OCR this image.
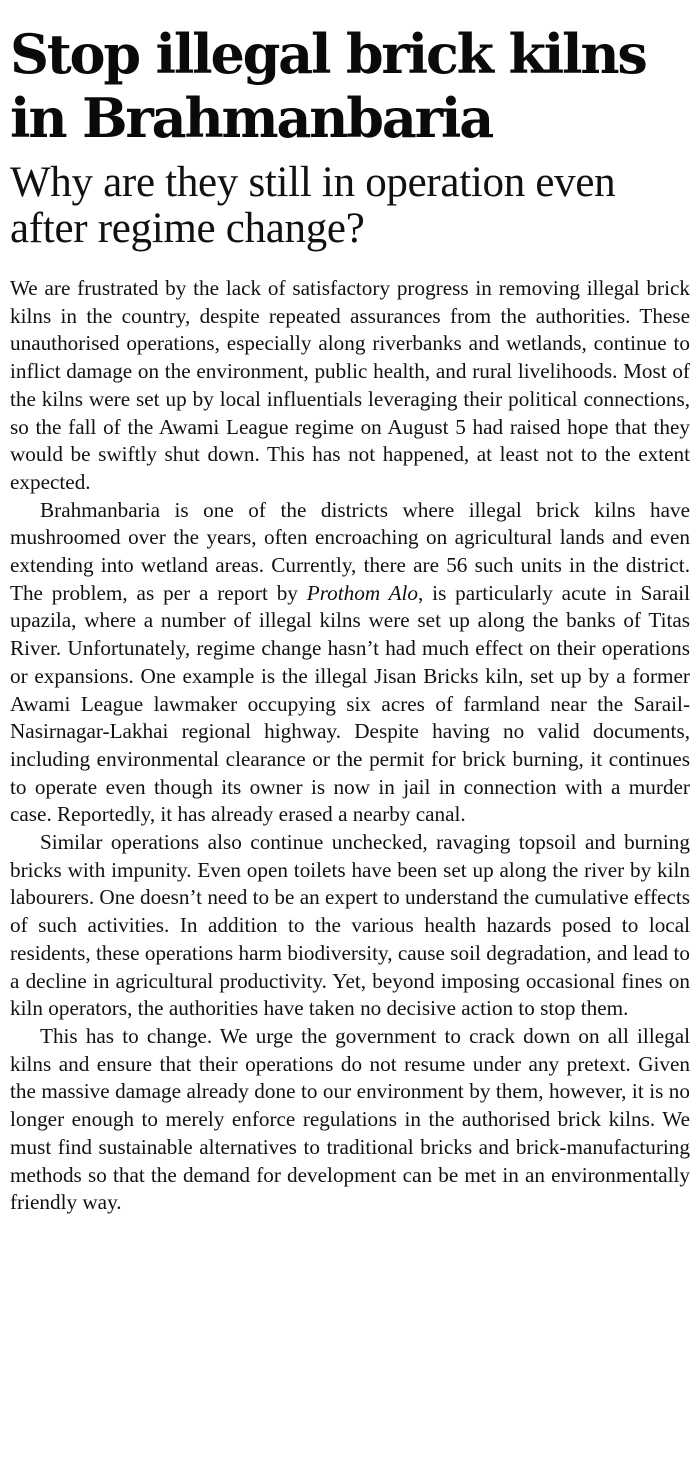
Stop illegal brick kilns in Brahmanbaria
Why are they still in operation even after regime change?

We are frustrated by the lack of satisfactory progress in removing illegal brick kilns in the country, despite repeated assurances from the authorities. These unauthorised operations, especially along riverbanks and wetlands, continue to inflict damage on the environment, public health, and rural livelihoods. Most of the kilns were set up by local influentials leveraging their political connections, so the fall of the Awami League regime on August 5 had raised hope that they would be swiftly shut down. This has not happened, at least not to the extent expected.

Brahmanbaria is one of the districts where illegal brick kilns have mushroomed over the years, often encroaching on agricultural lands and even extending into wetland areas. Currently, there are 56 such units in the district. The problem, as per a report by Prothom Alo, is particularly acute in Sarail upazila, where a number of illegal kilns were set up along the banks of Titas River. Unfortunately, regime change hasn’t had much effect on their operations or expansions. One example is the illegal Jisan Bricks kiln, set up by a former Awami League lawmaker occupying six acres of farmland near the Sarail-Nasirnagar-Lakhai regional highway. Despite having no valid documents, including environmental clearance or the permit for brick burning, it continues to operate even though its owner is now in jail in connection with a murder case. Reportedly, it has already erased a nearby canal.

Similar operations also continue unchecked, ravaging topsoil and burning bricks with impunity. Even open toilets have been set up along the river by kiln labourers. One doesn’t need to be an expert to understand the cumulative effects of such activities. In addition to the various health hazards posed to local residents, these operations harm biodiversity, cause soil degradation, and lead to a decline in agricultural productivity. Yet, beyond imposing occasional fines on kiln operators, the authorities have taken no decisive action to stop them.

This has to change. We urge the government to crack down on all illegal kilns and ensure that their operations do not resume under any pretext. Given the massive damage already done to our environment by them, however, it is no longer enough to merely enforce regulations in the authorised brick kilns. We must find sustainable alternatives to traditional bricks and brick-manufacturing methods so that the demand for development can be met in an environmentally friendly way.
